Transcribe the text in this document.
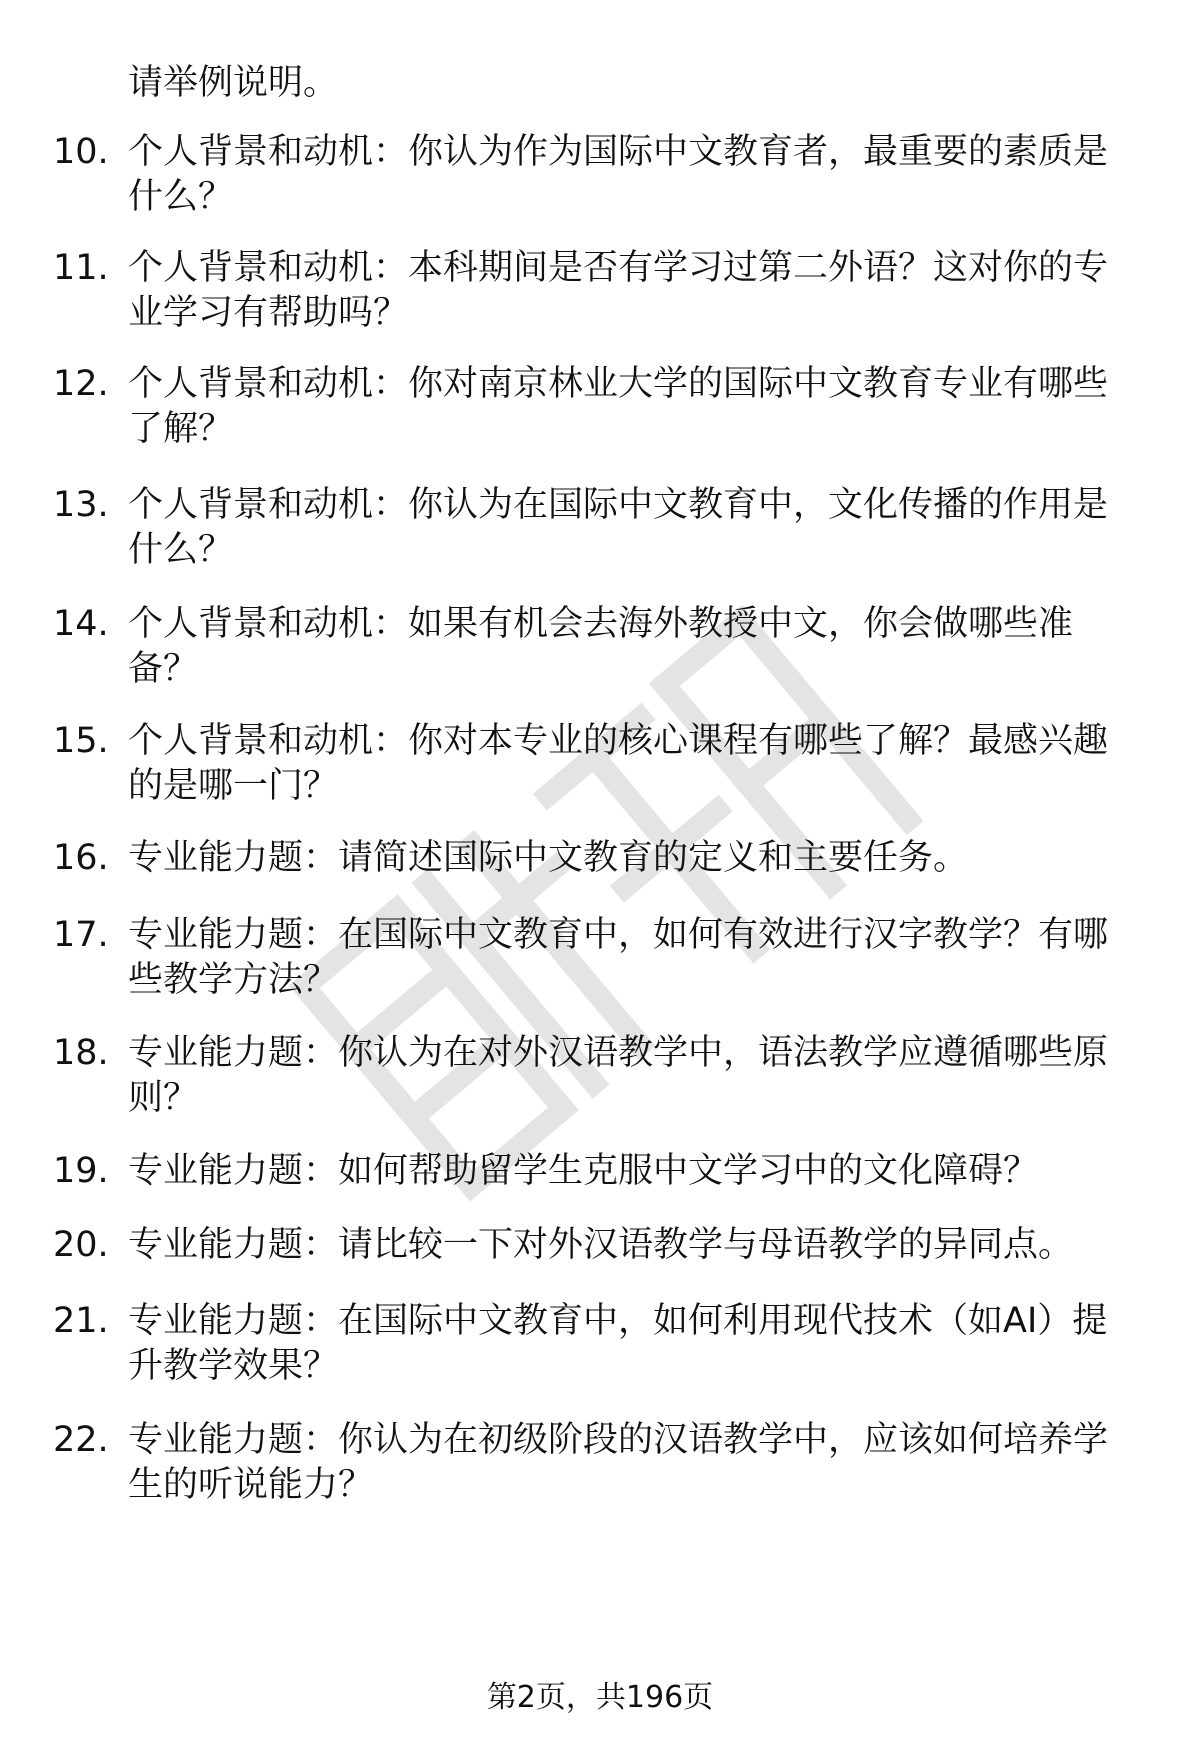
请举例说明。
10. 个人背景和动机：你认为作为国际中文教育者，最重要的素质是
什么？
11. 个人背景和动机：本科期间是否有学习过第二外语？这对你的专
业学习有帮助吗？
12. 个人背景和动机：你对南京林业大学的国际中文教育专业有哪些
了解？
13. 个人背景和动机：你认为在国际中文教育中，文化传播的作用是
什么？
14. 个人背景和动机：如果有机会去海外教授中文，你会做哪些准
备？
15. 个人背景和动机：你对本专业的核心课程有哪些了解？最感兴趣
的是哪一门？
16. 专业能力题：请简述国际中文教育的定义和主要任务。
17. 专业能力题：在国际中文教育中，如何有效进行汉字教学？有哪
些教学方法？
18. 专业能力题：你认为在对外汉语教学中，语法教学应遵循哪些原
则？
19. 专业能力题：如何帮助留学生克服中文学习中的文化障碍？
20. 专业能力题：请比较一下对外汉语教学与母语教学的异同点。
21. 专业能力题：在国际中文教育中，如何利用现代技术（如AI）提
升教学效果？
22. 专业能力题：你认为在初级阶段的汉语教学中，应该如何培养学
生的听说能力？
第2页，共196页
